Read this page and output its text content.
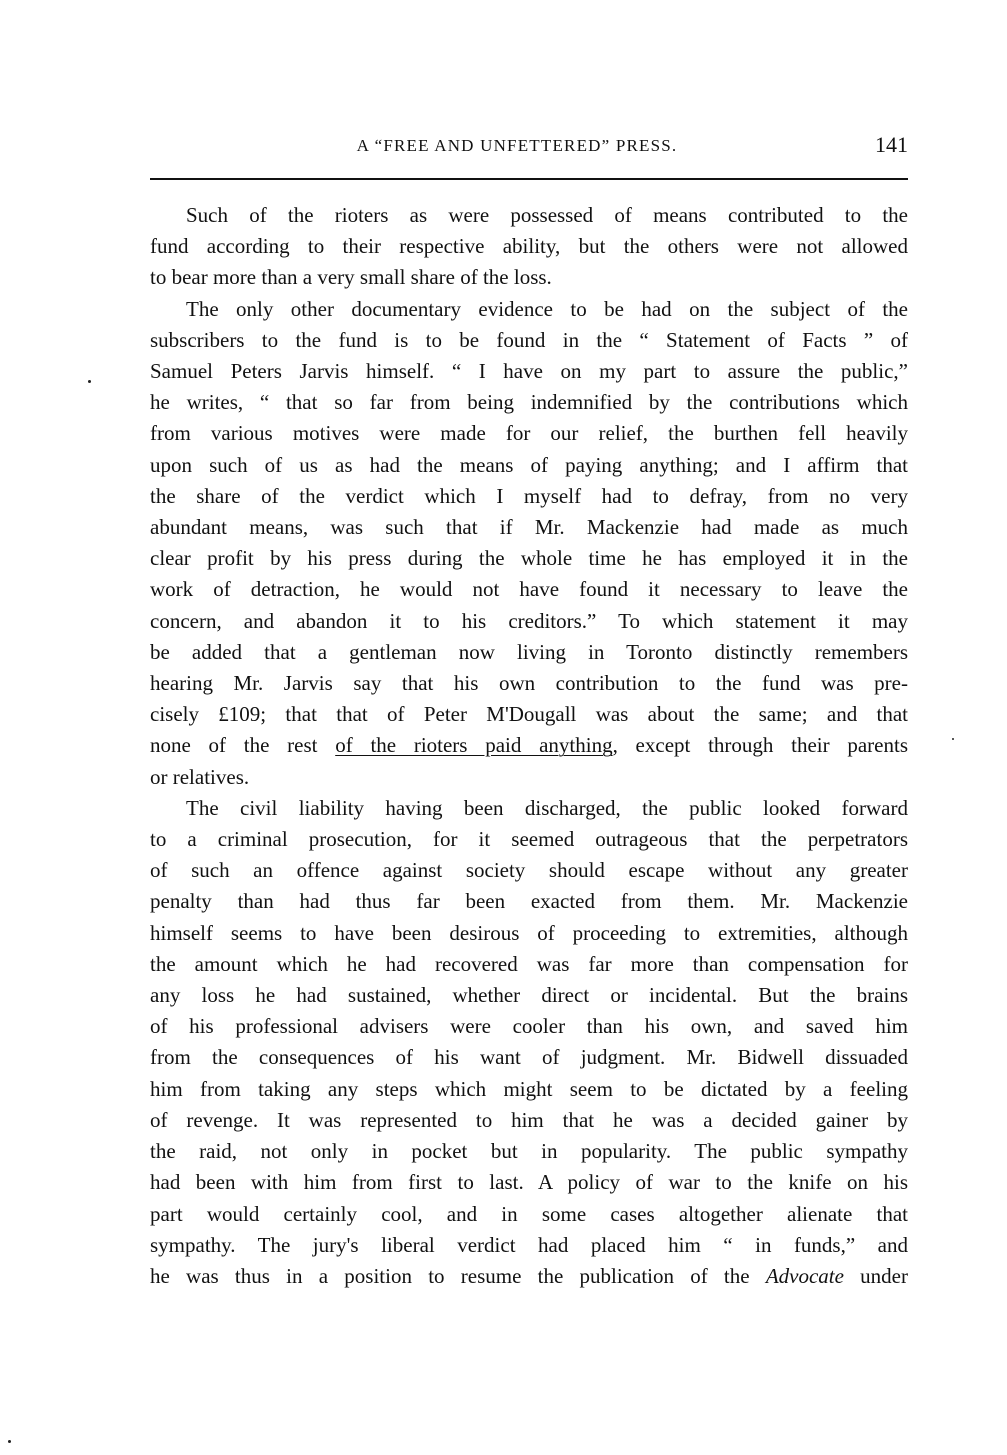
A “FREE AND UNFETTERED” PRESS.	141
Such of the rioters as were possessed of means contributed to the
fund according to their respective ability, but the others were not allowed
to bear more than a very small share of the loss.
The only other documentary evidence to be had on the subject of the
subscribers to the fund is to be found in the “ Statement of Facts ” of
Samuel Peters Jarvis himself. “ I have on my part to assure the public,”
he writes, “ that so far from being indemnified by the contributions which
from various motives were made for our relief, the burthen fell heavily
upon such of us as had the means of paying anything; and I affirm that
the share of the verdict which I myself had to defray, from no very
abundant means, was such that if Mr. Mackenzie had made as much
clear profit by his press during the whole time he has employed it in the
work of detraction, he would not have found it necessary to leave the
concern, and abandon it to his creditors.” To which statement it may
be added that a gentleman now living in Toronto distinctly remembers
hearing Mr. Jarvis say that his own contribution to the fund was pre-
cisely £109; that that of Peter M'Dougall was about the same; and that
none of the rest of the rioters paid anything, except through their parents
or relatives.
The civil liability having been discharged, the public looked forward
to a criminal prosecution, for it seemed outrageous that the perpetrators
of such an offence against society should escape without any greater
penalty than had thus far been exacted from them. Mr. Mackenzie
himself seems to have been desirous of proceeding to extremities, although
the amount which he had recovered was far more than compensation for
any loss he had sustained, whether direct or incidental. But the brains
of his professional advisers were cooler than his own, and saved him
from the consequences of his want of judgment. Mr. Bidwell dissuaded
him from taking any steps which might seem to be dictated by a feeling
of revenge. It was represented to him that he was a decided gainer by
the raid, not only in pocket but in popularity. The public sympathy
had been with him from first to last. A policy of war to the knife on his
part would certainly cool, and in some cases altogether alienate that
sympathy. The jury's liberal verdict had placed him “ in funds,” and
he was thus in a position to resume the publication of the Advocate under
